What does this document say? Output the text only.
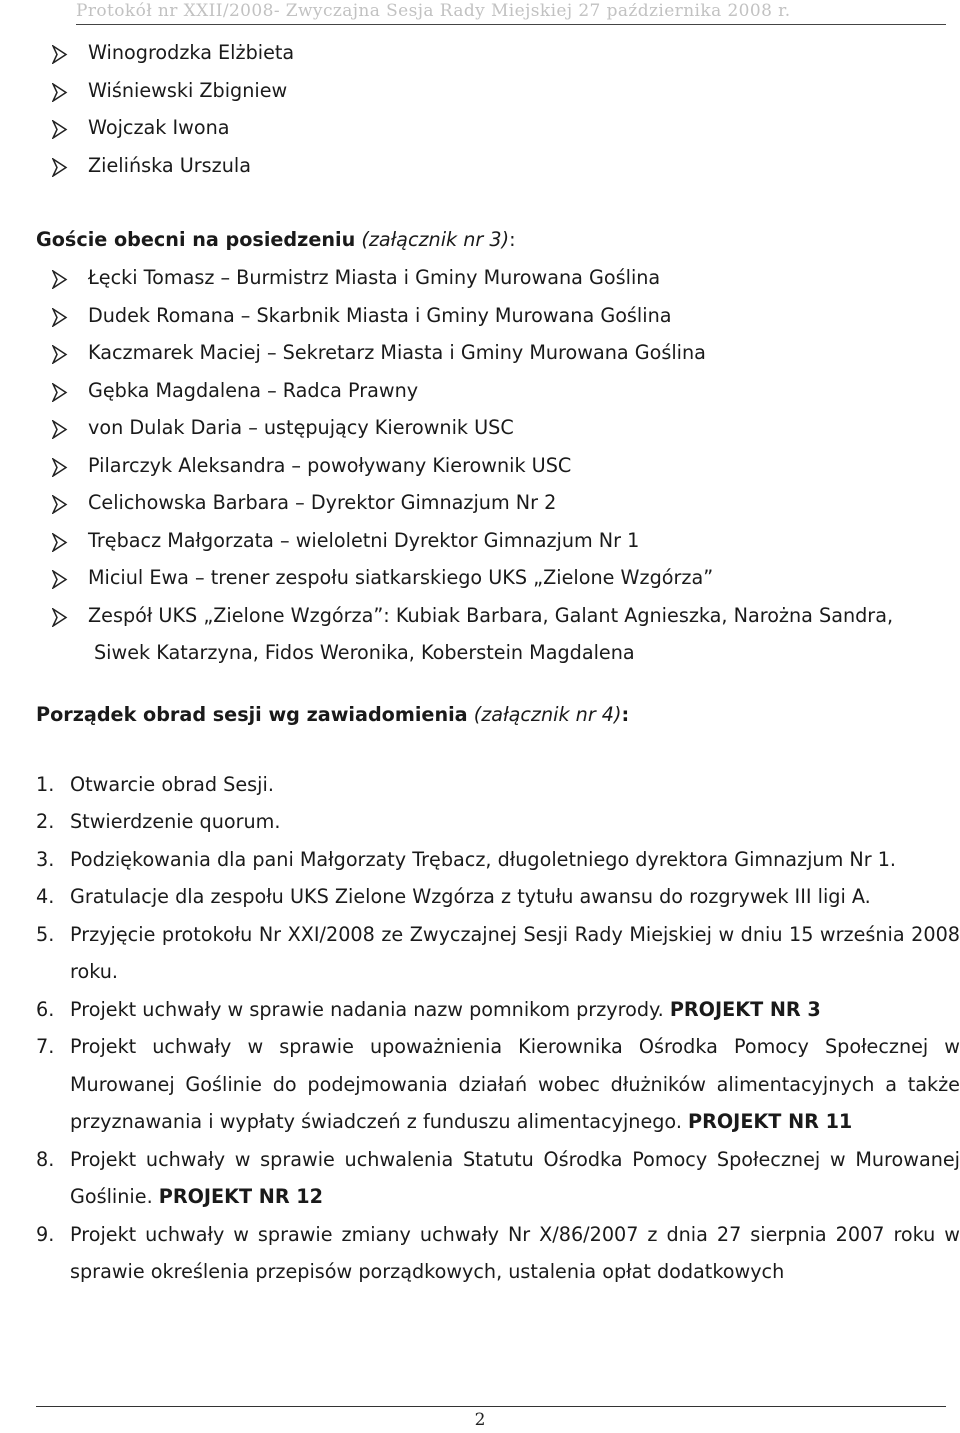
Protokół nr XXII/2008- Zwyczajna Sesja Rady Miejskiej 27 października 2008 r.
Winogrodzka Elżbieta
Wiśniewski Zbigniew
Wojczak Iwona
Zielińska Urszula
Goście obecni na posiedzeniu (załącznik nr 3):
Łęcki Tomasz – Burmistrz Miasta i Gminy Murowana Goślina
Dudek Romana – Skarbnik Miasta i Gminy Murowana Goślina
Kaczmarek Maciej – Sekretarz Miasta i Gminy Murowana Goślina
Gębka Magdalena – Radca Prawny
von Dulak Daria – ustępujący Kierownik USC
Pilarczyk Aleksandra – powoływany Kierownik USC
Celichowska Barbara – Dyrektor Gimnazjum Nr 2
Trębacz Małgorzata – wieloletni Dyrektor Gimnazjum Nr 1
Miciul Ewa – trener zespołu siatkarskiego UKS „Zielone Wzgórza”
Zespół UKS „Zielone Wzgórza”: Kubiak Barbara, Galant Agnieszka, Narożna Sandra,
Siwek Katarzyna, Fidos Weronika, Koberstein Magdalena
Porządek obrad sesji wg zawiadomienia (załącznik nr 4):
1. Otwarcie obrad Sesji.
2. Stwierdzenie quorum.
3. Podziękowania dla pani Małgorzaty Trębacz, długoletniego dyrektora Gimnazjum Nr 1.
4. Gratulacje dla zespołu UKS Zielone Wzgórza z tytułu awansu do rozgrywek III ligi A.
5. Przyjęcie protokołu Nr XXI/2008 ze Zwyczajnej Sesji Rady Miejskiej w dniu 15 września 2008 roku.
6. Projekt uchwały w sprawie nadania nazw pomnikom przyrody. PROJEKT NR 3
7. Projekt uchwały w sprawie upoważnienia Kierownika Ośrodka Pomocy Społecznej w Murowanej Goślinie do podejmowania działań wobec dłużników alimentacyjnych a także przyznawania i wypłaty świadczeń z funduszu alimentacyjnego. PROJEKT NR 11
8. Projekt uchwały w sprawie uchwalenia Statutu Ośrodka Pomocy Społecznej w Murowanej Goślinie. PROJEKT NR 12
9. Projekt uchwały w sprawie zmiany uchwały Nr X/86/2007 z dnia 27 sierpnia 2007 roku w sprawie określenia przepisów porządkowych, ustalenia opłat dodatkowych
2
